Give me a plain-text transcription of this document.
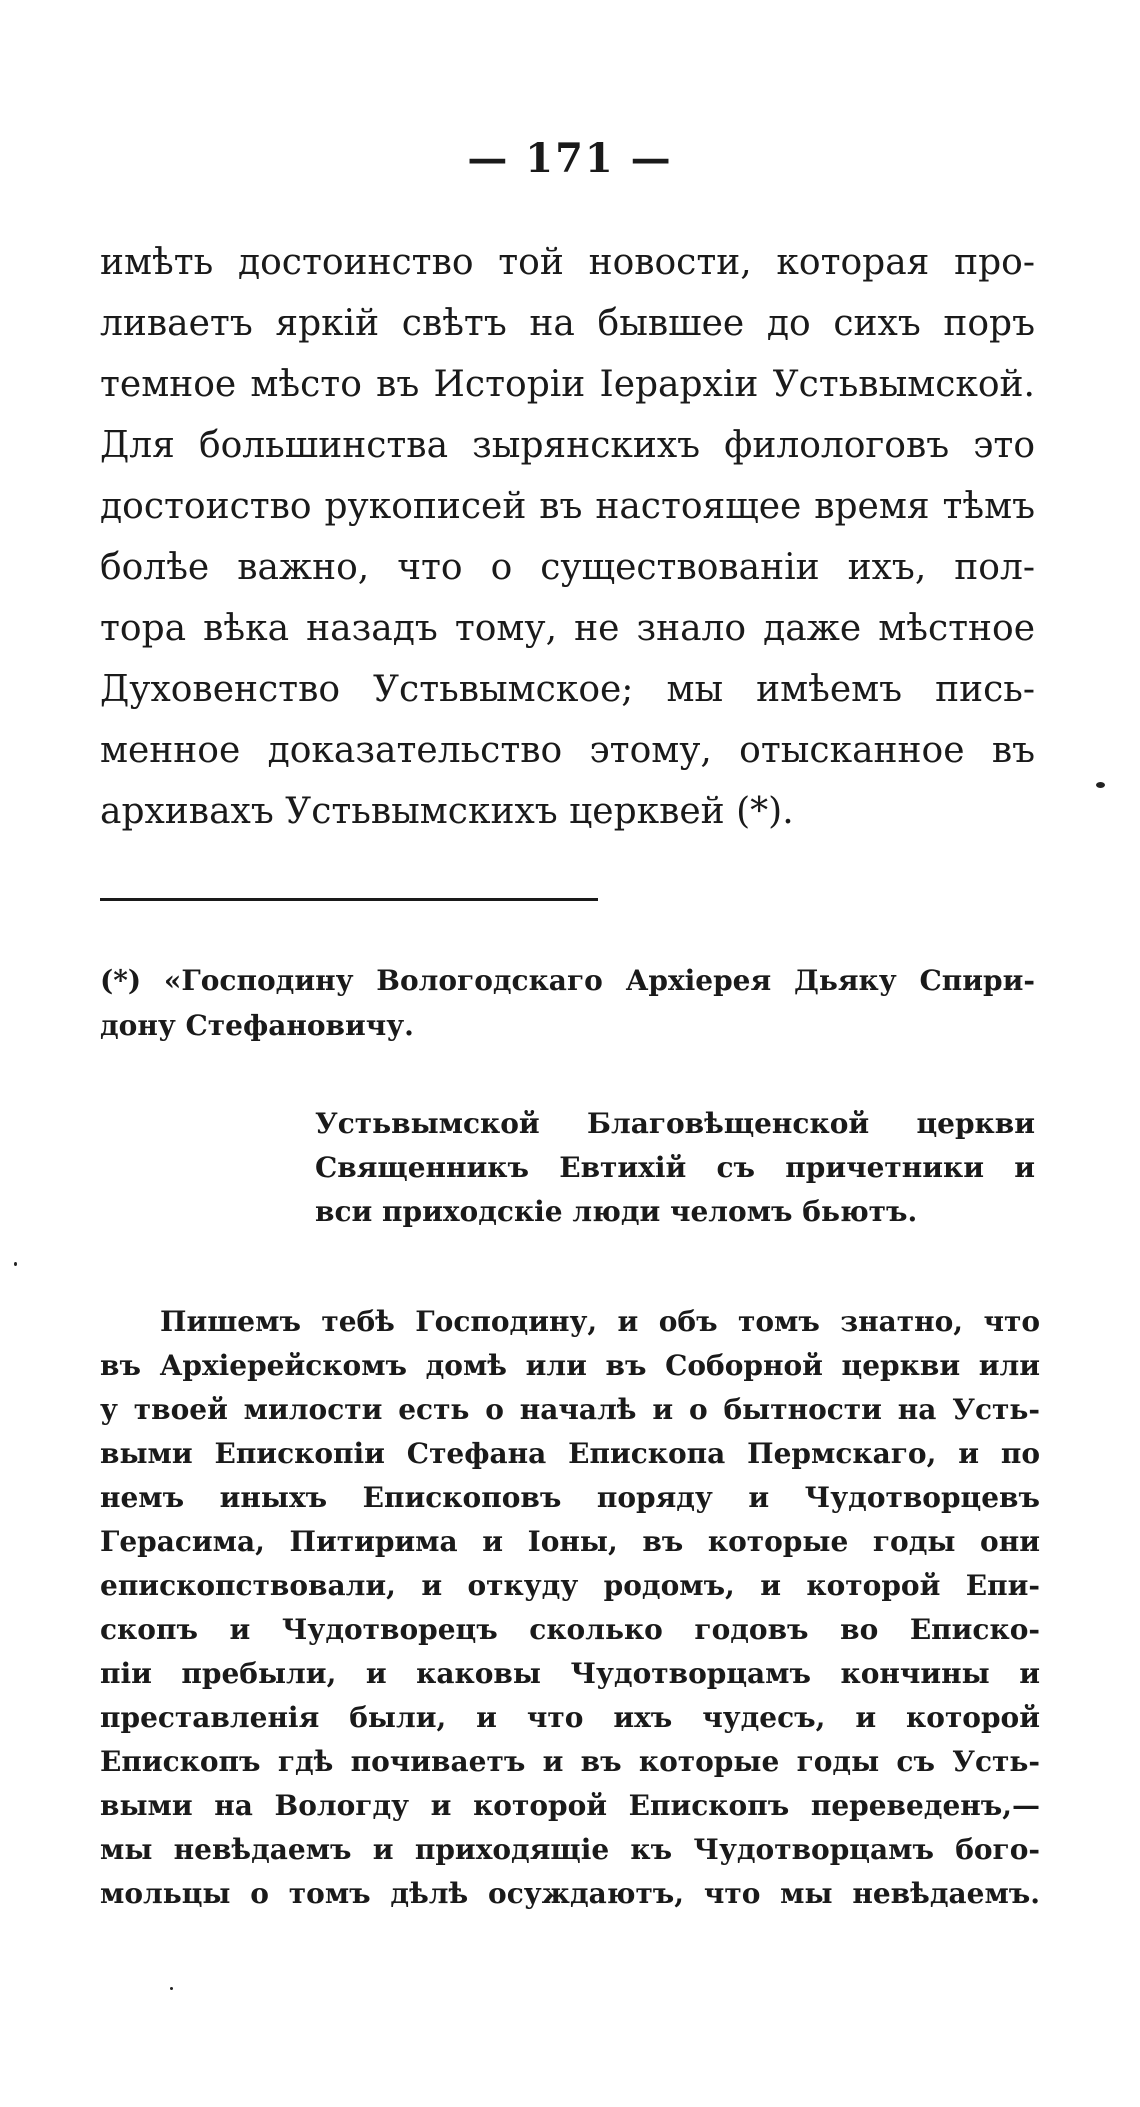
— 171 —
имѣть достоинство той новости, которая про-
ливаетъ яркій свѣтъ на бывшее до сихъ поръ
темное мѣсто въ Исторіи Іерархіи Устьвымской.
Для большинства зырянскихъ филологовъ это
достоиство рукописей въ настоящее время тѣмъ
болѣе важно, что о существованіи ихъ, пол-
тора вѣка назадъ тому, не знало даже мѣстное
Духовенство Устьвымское; мы имѣемъ пись-
менное доказательство этому, отысканное въ
архивахъ Устьвымскихъ церквей (*).
(*) «Господину Вологодскаго Архіерея Дьяку Спири-
дону Стефановичу.
Устьвымской Благовѣщенской церкви
Священникъ Евтихій съ причетники и
вси приходскіе люди челомъ бьютъ.
Пишемъ тебѣ Господину, и объ томъ знатно, что
въ Архіерейскомъ домѣ или въ Соборной церкви или
у твоей милости есть о началѣ и о бытности на Усть-
выми Епископіи Стефана Епископа Пермскаго, и по
немъ иныхъ Епископовъ поряду и Чудотворцевъ
Герасима, Питирима и Іоны, въ которые годы они
епископствовали, и откуду родомъ, и которой Епи-
скопъ и Чудотворецъ сколько годовъ во Еписко-
піи пребыли, и каковы Чудотворцамъ кончины и
преставленія были, и что ихъ чудесъ, и которой
Епископъ гдѣ почиваетъ и въ которые годы съ Усть-
выми на Вологду и которой Епископъ переведенъ,—
мы невѣдаемъ и приходящіе къ Чудотворцамъ бого-
мольцы о томъ дѣлѣ осуждаютъ, что мы невѣдаемъ.
